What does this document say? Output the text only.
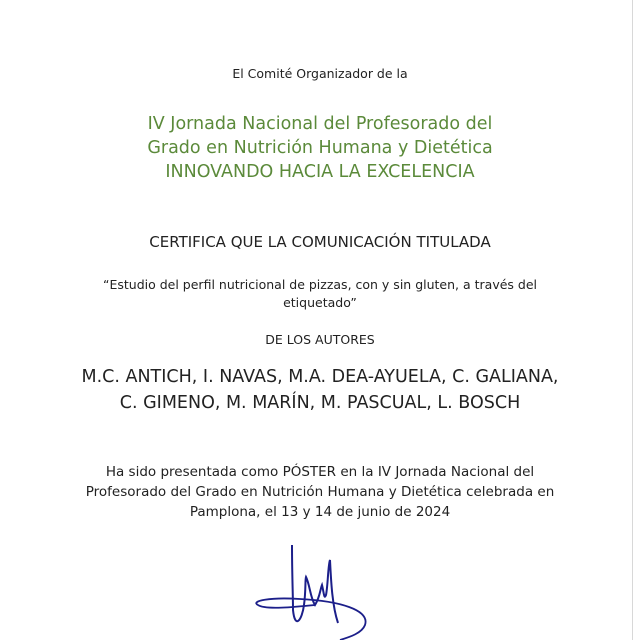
El Comité Organizador de la
IV Jornada Nacional del Profesorado del
Grado en Nutrición Humana y Dietética
INNOVANDO HACIA LA EXCELENCIA
CERTIFICA QUE LA COMUNICACIÓN TITULADA
“Estudio del perfil nutricional de pizzas, con y sin gluten, a través del
etiquetado”
DE LOS AUTORES
M.C. ANTICH, I. NAVAS, M.A. DEA-AYUELA, C. GALIANA,
C. GIMENO, M. MARÍN, M. PASCUAL, L. BOSCH
Ha sido presentada como PÓSTER en la IV Jornada Nacional del
Profesorado del Grado en Nutrición Humana y Dietética celebrada en
Pamplona, el 13 y 14 de junio de 2024
